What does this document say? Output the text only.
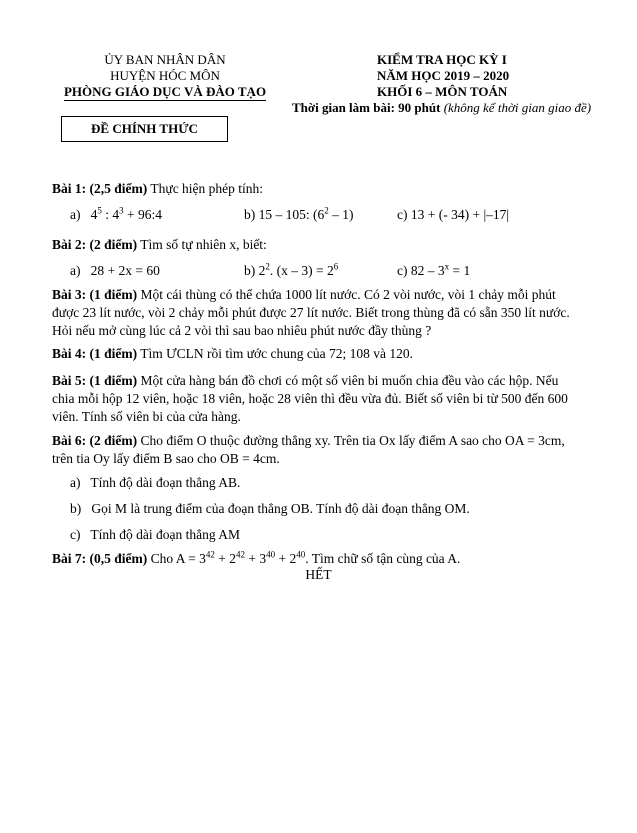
ỦY BAN NHÂN DÂN
HUYỆN HÓC MÔN
PHÒNG GIÁO DỤC VÀ ĐÀO TẠO
ĐỀ CHÍNH THỨC
KIỂM TRA HỌC KỲ I
NĂM HỌC 2019 – 2020
KHỐI 6 – MÔN TOÁN
Thời gian làm bài: 90 phút (không kể thời gian giao đề)
Bài 1: (2,5 điểm) Thực hiện phép tính:
a) $4^5$ : $4^3$ + 96:4	b) 15 – 105: $(6^2 - 1)$	c) 13 + (- 34) + |–17|
Bài 2: (2 điểm) Tìm số tự nhiên x, biết:
a)   28 + 2x = 60	b) $2^2$. $(x - 3) = 2^6$	c) $82 - 3^x = 1$
Bài 3: (1 điểm) Một cái thùng có thể chứa 1000 lít nước. Có 2 vòi nước, vòi 1 chảy mỗi phút
được 23 lít nước, vòi 2 chảy mỗi phút được 27 lít nước. Biết trong thùng đã có sẵn 350 lít nước.
Hỏi nếu mở cùng lúc cả 2 vòi thì sau bao nhiêu phút nước đầy thùng ?
Bài 4: (1 điểm) Tìm ƯCLN rồi tìm ước chung của 72; 108 và 120.
Bài 5: (1 điểm) Một cửa hàng bán đồ chơi có một số viên bi muốn chia đều vào các hộp. Nếu
chia mỗi hộp 12 viên, hoặc 18 viên, hoặc 28 viên thì đều vừa đủ. Biết số viên bi từ 500 đến 600
viên. Tính số viên bi của cửa hàng.
Bài 6: (2 điểm) Cho điểm O thuộc đường thẳng xy. Trên tia Ox lấy điểm A sao cho OA = 3cm,
trên tia Oy lấy điểm B sao cho OB = 4cm.
a)   Tính độ dài đoạn thẳng AB.
b)   Gọi M là trung điểm của đoạn thẳng OB. Tính độ dài đoạn thẳng OM.
c)   Tính độ dài đoạn thẳng AM
Bài 7: (0,5 điểm) Cho $A = 3^{42} + 2^{42} + 3^{40} + 2^{40}$. Tìm chữ số tận cùng của A.
HẾT
